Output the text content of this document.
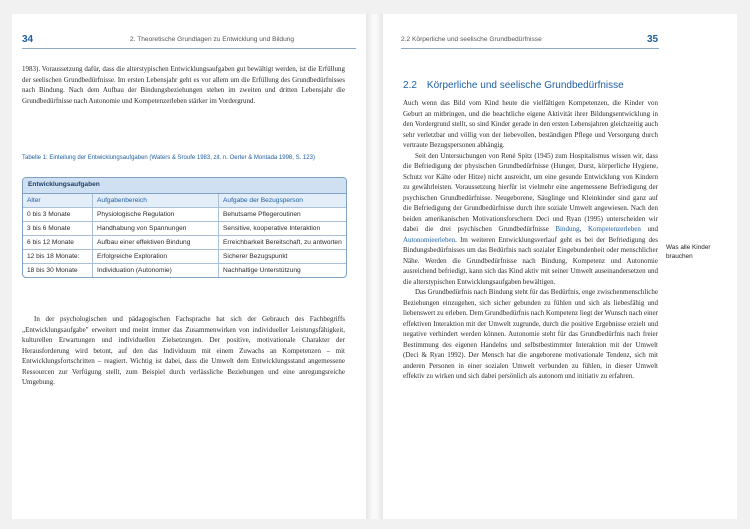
34	2. Theoretische Grundlagen zu Entwicklung und Bildung

1983). Voraussetzung dafür, dass die alterstypischen Entwicklungsaufgaben gut bewältigt werden, ist die Erfüllung der seelischen Grundbedürfnisse. Im ersten Lebensjahr geht es vor allem um die Erfüllung des Grundbedürfnisses nach Bindung. Nach dem Aufbau der Bindungsbeziehungen stehen im zweiten und dritten Lebensjahr die Grundbedürfnisse nach Autonomie und Kompetenzerleben stärker im Vordergrund.

Tabelle 1: Einteilung der Entwicklungsaufgaben (Waters & Sroufe 1983, zit. n. Oerter & Montada 1998, S. 123)
Entwicklungsaufgaben
Alter	Aufgabenbereich	Aufgabe der Bezugsperson
0 bis 3 Monate	Physiologische Regulation	Behutsame Pflegeroutinen
3 bis 6 Monate	Handhabung von Spannungen	Sensitive, kooperative Interaktion
6 bis 12 Monate	Aufbau einer effektiven Bindung	Erreichbarkeit Bereitschaft, zu antworten
12 bis 18 Monate:	Erfolgreiche Exploration	Sicherer Bezugspunkt
18 bis 30 Monate	Individuation (Autonomie)	Nachhaltige Unterstützung

In der psychologischen und pädagogischen Fachsprache hat sich der Gebrauch des Fachbegriffs „Entwicklungsaufgabe" erweitert und meint immer das Zusammenwirken von individueller Leistungsfähigkeit, kulturellen Erwartungen und individuellen Zielsetzungen. Der positive, motivationale Charakter der Herausforderung wird betont, auf den das Individuum mit einem Zuwachs an Kompetenzen – mit Entwicklungsfortschritten – reagiert. Wichtig ist dabei, dass die Umwelt dem Entwicklungsstand angemessene Ressourcen zur Verfügung stellt, zum Beispiel durch verlässliche Beziehungen und eine anregungsreiche Umgebung.

2.2 Körperliche und seelische Grundbedürfnisse	35
2.2 Körperliche und seelische Grundbedürfnisse

Auch wenn das Bild vom Kind heute die vielfältigen Kompetenzen, die Kinder von Geburt an mitbringen, und die beachtliche eigene Aktivität ihrer Bildungsentwicklung in den Vordergrund stellt, so sind Kinder gerade in den ersten Lebensjahren gleichzeitig auch sehr verletzbar und völlig von der liebevollen, beständigen Pflege und Versorgung durch vertraute Bezugspersonen abhängig.

Seit den Untersuchungen von René Spitz (1945) zum Hospitalismus wissen wir, dass die Befriedigung der physischen Grundbedürfnisse (Hunger, Durst, körperliche Hygiene, Schutz vor Kälte oder Hitze) nicht ausreicht, um eine gesunde Entwicklung von Kindern zu gewährleisten. Voraussetzung hierfür ist vielmehr eine angemessene Befriedigung der psychischen Grundbedürfnisse. Neugeborene, Säuglinge und Kleinkinder sind ganz auf die Befriedigung der Grundbedürfnisse durch ihre soziale Umwelt angewiesen. Nach den beiden amerikanischen Motivationsforschern Deci und Ryan (1995) unterscheiden wir dabei die drei psychischen Grundbedürfnisse Bindung, Kompetenzerleben und Autonomieerleben. Im weiteren Entwicklungsverlauf geht es bei der Befriedigung des Bindungsbedürfnisses um das Bedürfnis nach sozialer Eingebundenheit oder menschlicher Nähe. Werden die Grundbedürfnisse nach Bindung, Kompetenz und Autonomie ausreichend befriedigt, kann sich das Kind aktiv mit seiner Umwelt auseinandersetzen und die alterstypischen Entwicklungsaufgaben bewältigen.

Das Grundbedürfnis nach Bindung steht für das Bedürfnis, enge zwischenmenschliche Beziehungen einzugehen, sich sicher gebunden zu fühlen und sich als liebesfähig und liebenswert zu erleben. Dem Grundbedürfnis nach Kompetenz liegt der Wunsch nach einer effektiven Interaktion mit der Umwelt zugrunde, durch die positive Ergebnisse erzielt und negative verhindert werden können. Autonomie steht für das Grundbedürfnis nach freier Bestimmung des eigenen Handelns und selbstbestimmter Interaktion mit der Umwelt (Deci & Ryan 1992). Der Mensch hat die angeborene motivationale Tendenz, sich mit anderen Personen in einer sozialen Umwelt verbunden zu fühlen, in dieser Umwelt effektiv zu wirken und sich dabei persönlich als autonom und initiativ zu erfahren.

Was alle Kinder brauchen
